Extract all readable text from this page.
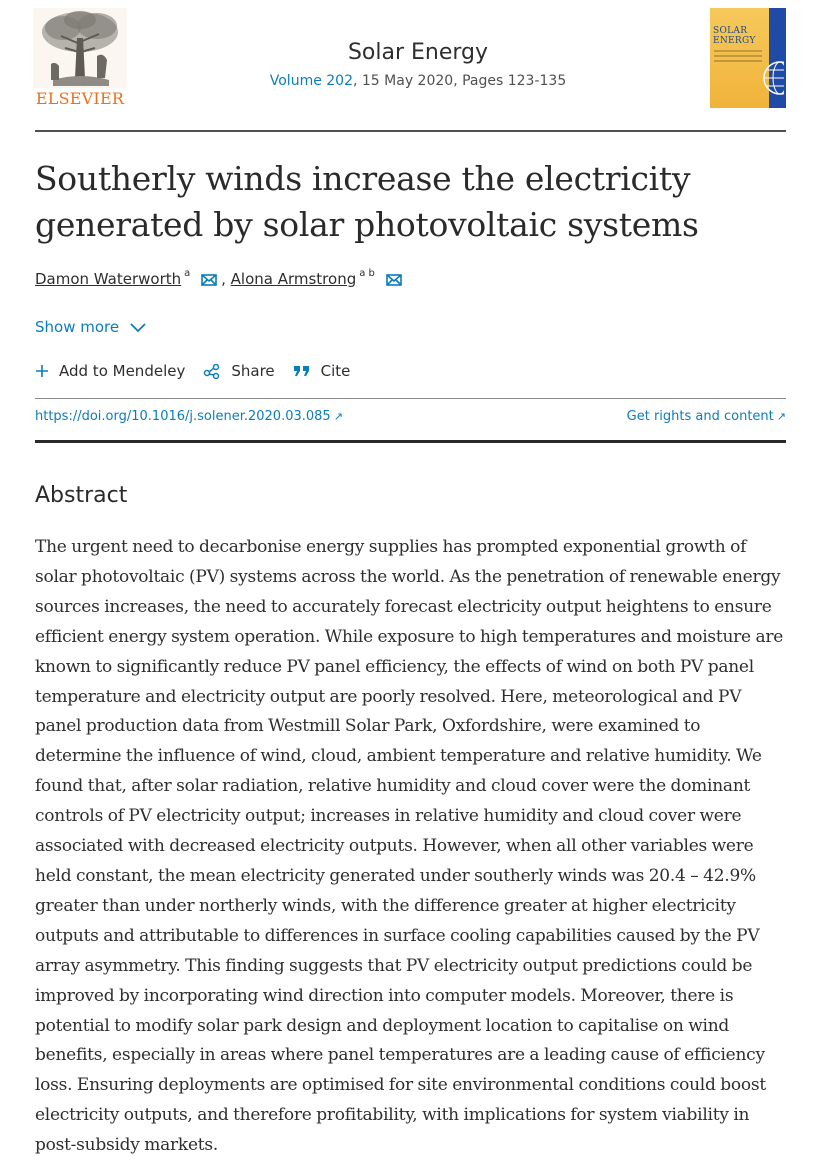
ELSEVIER
Solar Energy
Volume 202, 15 May 2020, Pages 123-135
SOLAR ENERGY
Southerly winds increase the electricity generated by solar photovoltaic systems
Damon Waterworth $^a$ , Alona Armstrong $^{a b}$
Show more
Add to Mendeley	Share	Cite
https://doi.org/10.1016/j.solener.2020.03.085 ↗	Get rights and content ↗
Abstract

The urgent need to decarbonise energy supplies has prompted exponential growth of solar photovoltaic (PV) systems across the world. As the penetration of renewable energy sources increases, the need to accurately forecast electricity output heightens to ensure efficient energy system operation. While exposure to high temperatures and moisture are known to significantly reduce PV panel efficiency, the effects of wind on both PV panel temperature and electricity output are poorly resolved. Here, meteorological and PV panel production data from Westmill Solar Park, Oxfordshire, were examined to determine the influence of wind, cloud, ambient temperature and relative humidity. We found that, after solar radiation, relative humidity and cloud cover were the dominant controls of PV electricity output; increases in relative humidity and cloud cover were associated with decreased electricity outputs. However, when all other variables were held constant, the mean electricity generated under southerly winds was 20.4 – 42.9% greater than under northerly winds, with the difference greater at higher electricity outputs and attributable to differences in surface cooling capabilities caused by the PV array asymmetry. This finding suggests that PV electricity output predictions could be improved by incorporating wind direction into computer models. Moreover, there is potential to modify solar park design and deployment location to capitalise on wind benefits, especially in areas where panel temperatures are a leading cause of efficiency loss. Ensuring deployments are optimised for site environmental conditions could boost electricity outputs, and therefore profitability, with implications for system viability in post-subsidy markets.
